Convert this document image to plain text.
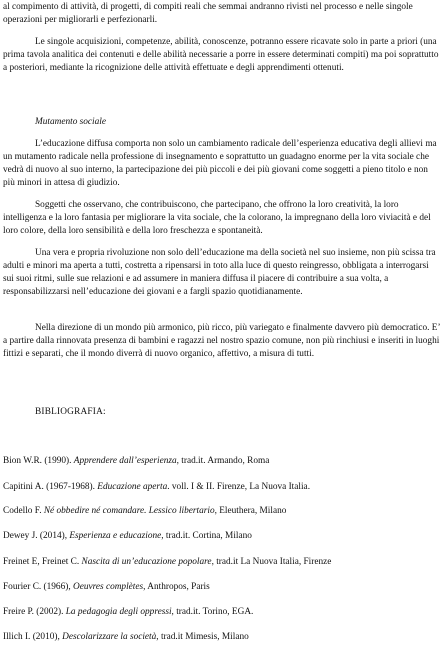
al compimento di attività, di progetti, di compiti reali che semmai andranno rivisti nel processo e nelle singole operazioni per migliorarli e perfezionarli.

Le singole acquisizioni, competenze, abilità, conoscenze, potranno essere ricavate solo in parte a priori (una prima tavola analitica dei contenuti e delle abilità necessarie a porre in essere determinati compiti) ma poi soprattutto a posteriori, mediante la ricognizione delle attività effettuate e degli apprendimenti ottenuti.

Mutamento sociale

L’educazione diffusa comporta non solo un cambiamento radicale dell’esperienza educativa degli allievi ma un mutamento radicale nella professione di insegnamento e soprattutto un guadagno enorme per la vita sociale che vedrà di nuovo al suo interno, la partecipazione dei più piccoli e dei più giovani come soggetti a pieno titolo e non più minori in attesa di giudizio.

Soggetti che osservano, che contribuiscono, che partecipano, che offrono la loro creatività, la loro intelligenza e la loro fantasia per migliorare la vita sociale, che la colorano, la impregnano della loro viviacità e del loro colore, della loro sensibilità e della loro freschezza e spontaneità.

Una vera e propria rivoluzione non solo dell’educazione ma della società nel suo insieme, non più scissa tra adulti e minori ma aperta a tutti, costretta a ripensarsi in toto alla luce di questo reingresso, obbligata a interrogarsi sui suoi ritmi, sulle sue relazioni e ad assumere in maniera diffusa il piacere di contribuire a sua volta, a responsabilizzarsi nell’educazione dei giovani e a fargli spazio quotidianamente.

Nella direzione di un mondo più armonico, più ricco, più variegato e finalmente davvero più democratico. E’ a partire dalla rinnovata presenza di bambini e ragazzi nel nostro spazio comune, non più rinchiusi e inseriti in luoghi fittizi e separati, che il mondo diverrà di nuovo organico, affettivo, a misura di tutti.

BIBLIOGRAFIA:

Bion W.R. (1990). Apprendere dall’esperienza, trad.it. Armando, Roma

Capitini A. (1967-1968). Educazione aperta. voll. I & II. Firenze, La Nuova Italia.

Codello F. Né obbedire né comandare. Lessico libertario, Eleuthera, Milano

Dewey J. (2014), Esperienza e educazione, trad.it. Cortina, Milano

Freinet E, Freinet C. Nascita di un’educazione popolare, trad.it La Nuova Italia, Firenze

Fourier C. (1966), Oeuvres complètes, Anthropos, Paris

Freire P. (2002). La pedagogia degli oppressi, trad.it. Torino, EGA.

Illich I. (2010), Descolarizzare la società, trad.it Mimesis, Milano
